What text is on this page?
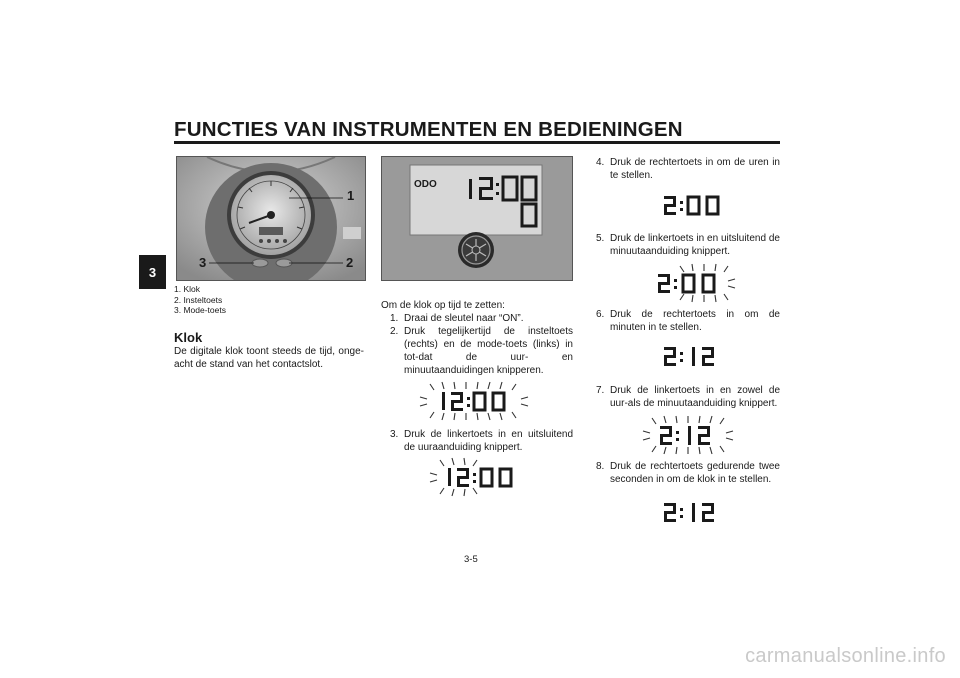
FUNCTIES VAN INSTRUMENTEN EN BEDIENINGEN
3
1
2
3
1. Klok
2. Insteltoets
3. Mode-toets
Klok
De digitale klok toont steeds de tijd, onge-acht de stand van het contactslot.
ODO
Om de klok op tijd te zetten:
1. Draai de sleutel naar “ON”.
2. Druk tegelijkertijd de insteltoets (rechts) en de mode-toets (links) in tot-dat de uur- en minuutaanduidingen knipperen.
3. Druk de linkertoets in en uitsluitend de uuraanduiding knippert.
4. Druk de rechtertoets in om de uren in te stellen.
5. Druk de linkertoets in en uitsluitend de minuutaanduiding knippert.
6. Druk de rechtertoets in om de minuten in te stellen.
7. Druk de linkertoets in en zowel de uur-als de minuutaanduiding knippert.
8. Druk de rechtertoets gedurende twee seconden in om de klok in te stellen.
3-5
carmanualsonline.info
